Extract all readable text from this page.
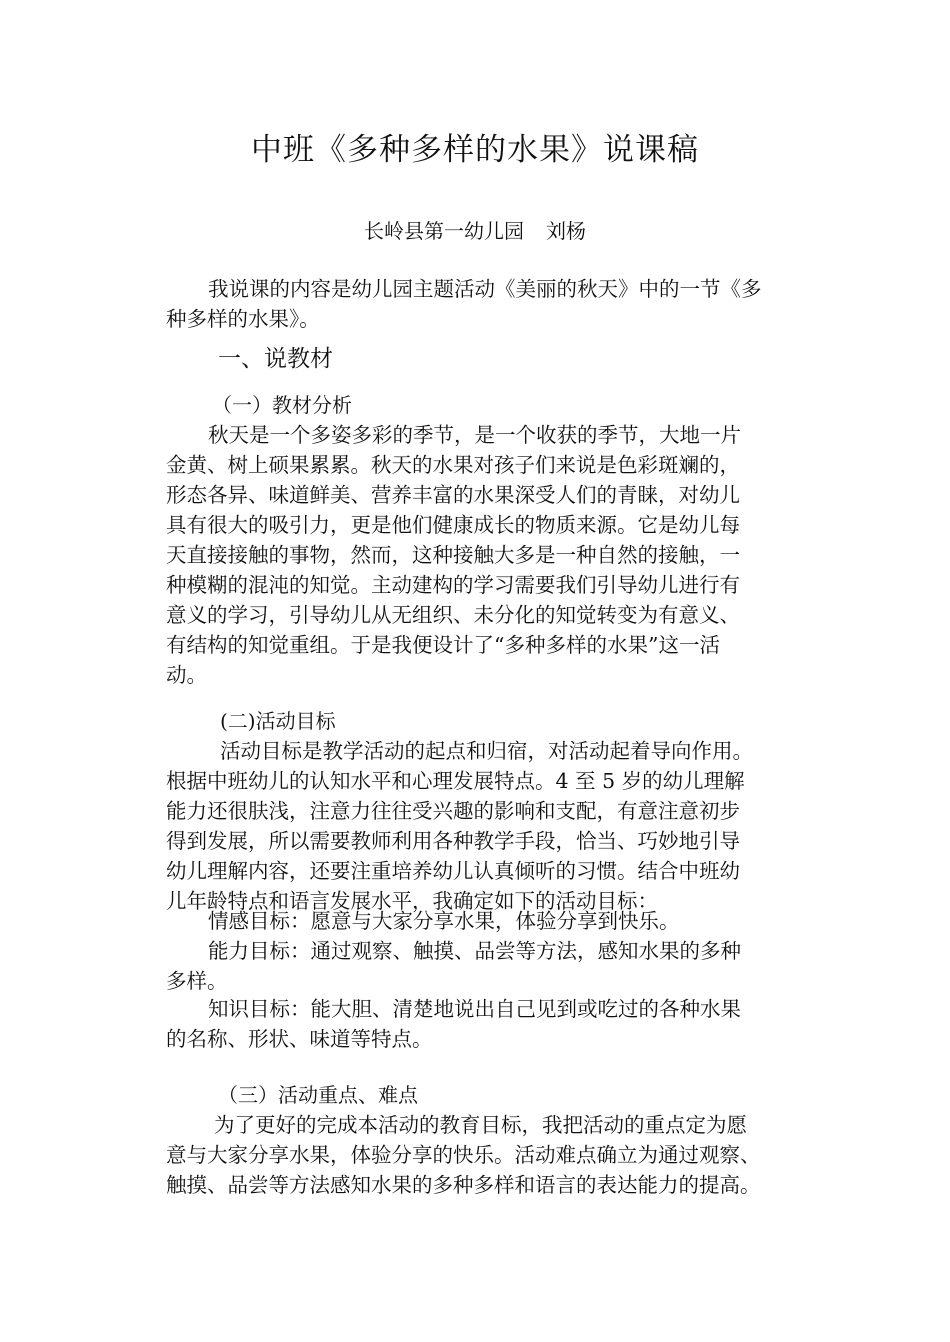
中班《多种多样的水果》说课稿
长岭县第一幼儿园 刘杨
我说课的内容是幼儿园主题活动《美丽的秋天》中的一节《多
种多样的水果》。
一、说教材
（一）教材分析
秋天是一个多姿多彩的季节，是一个收获的季节，大地一片
金黄、树上硕果累累。秋天的水果对孩子们来说是色彩斑斓的，
形态各异、味道鲜美、营养丰富的水果深受人们的青睐，对幼儿
具有很大的吸引力，更是他们健康成长的物质来源。它是幼儿每
天直接接触的事物，然而，这种接触大多是一种自然的接触，一
种模糊的混沌的知觉。主动建构的学习需要我们引导幼儿进行有
意义的学习，引导幼儿从无组织、未分化的知觉转变为有意义、
有结构的知觉重组。于是我便设计了“多种多样的水果”这一活
动。
(二)活动目标
活动目标是教学活动的起点和归宿，对活动起着导向作用。
根据中班幼儿的认知水平和心理发展特点。4 至 5 岁的幼儿理解
能力还很肤浅，注意力往往受兴趣的影响和支配，有意注意初步
得到发展，所以需要教师利用各种教学手段，恰当、巧妙地引导
幼儿理解内容，还要注重培养幼儿认真倾听的习惯。结合中班幼
儿年龄特点和语言发展水平，我确定如下的活动目标：
情感目标：愿意与大家分享水果，体验分享到快乐。
能力目标：通过观察、触摸、品尝等方法，感知水果的多种
多样。
知识目标：能大胆、清楚地说出自己见到或吃过的各种水果
的名称、形状、味道等特点。
（三）活动重点、难点
为了更好的完成本活动的教育目标，我把活动的重点定为愿
意与大家分享水果，体验分享的快乐。活动难点确立为通过观察、
触摸、品尝等方法感知水果的多种多样和语言的表达能力的提高。
